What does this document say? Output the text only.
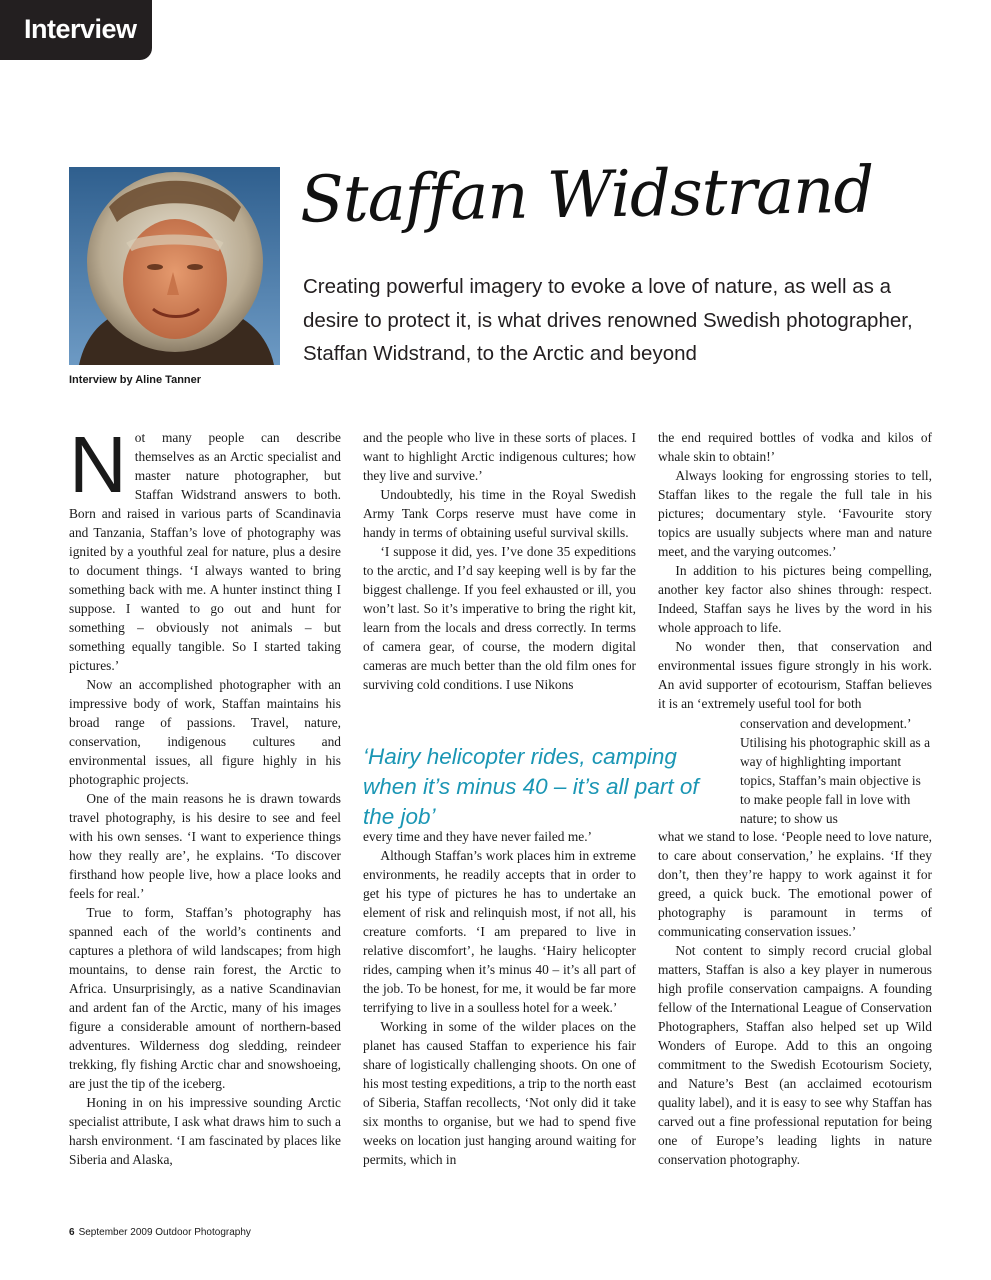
Interview
Interview by Aline Tanner
Staffan Widstrand
Creating powerful imagery to evoke a love of nature, as well as a desire to protect it, is what drives renowned Swedish photographer, Staffan Widstrand, to the Arctic and beyond

Not many people can describe themselves as an Arctic specialist and master nature photographer, but Staffan Widstrand answers to both. Born and raised in various parts of Scandinavia and Tanzania, Staffan’s love of photography was ignited by a youthful zeal for nature, plus a desire to document things. ‘I always wanted to bring something back with me. A hunter instinct thing I suppose. I wanted to go out and hunt for something – obviously not animals – but something equally tangible. So I started taking pictures.’

Now an accomplished photographer with an impressive body of work, Staffan maintains his broad range of passions. Travel, nature, conservation, indigenous cultures and environmental issues, all figure highly in his photographic projects.

One of the main reasons he is drawn towards travel photography, is his desire to see and feel with his own senses. ‘I want to experience things how they really are’, he explains. ‘To discover firsthand how people live, how a place looks and feels for real.’

True to form, Staffan’s photography has spanned each of the world’s continents and captures a plethora of wild landscapes; from high mountains, to dense rain forest, the Arctic to Africa. Unsurprisingly, as a native Scandinavian and ardent fan of the Arctic, many of his images figure a considerable amount of northern-based adventures. Wilderness dog sledding, reindeer trekking, fly fishing Arctic char and snowshoeing, are just the tip of the iceberg.

Honing in on his impressive sounding Arctic specialist attribute, I ask what draws him to such a harsh environment. ‘I am fascinated by places like Siberia and Alaska,

and the people who live in these sorts of places. I want to highlight Arctic indigenous cultures; how they live and survive.’

Undoubtedly, his time in the Royal Swedish Army Tank Corps reserve must have come in handy in terms of obtaining useful survival skills.

‘I suppose it did, yes. I’ve done 35 expeditions to the arctic, and I’d say keeping well is by far the biggest challenge. If you feel exhausted or ill, you won’t last. So it’s imperative to bring the right kit, learn from the locals and dress correctly. In terms of camera gear, of course, the modern digital cameras are much better than the old film ones for surviving cold conditions. I use Nikons

‘Hairy helicopter rides, camping when it’s minus 40 – it’s all part of the job’

every time and they have never failed me.’

Although Staffan’s work places him in extreme environments, he readily accepts that in order to get his type of pictures he has to undertake an element of risk and relinquish most, if not all, his creature comforts. ‘I am prepared to live in relative discomfort’, he laughs. ‘Hairy helicopter rides, camping when it’s minus 40 – it’s all part of the job. To be honest, for me, it would be far more terrifying to live in a soulless hotel for a week.’

Working in some of the wilder places on the planet has caused Staffan to experience his fair share of logistically challenging shoots. On one of his most testing expeditions, a trip to the north east of Siberia, Staffan recollects, ‘Not only did it take six months to organise, but we had to spend five weeks on location just hanging around waiting for permits, which in

the end required bottles of vodka and kilos of whale skin to obtain!’

Always looking for engrossing stories to tell, Staffan likes to the regale the full tale in his pictures; documentary style. ‘Favourite story topics are usually subjects where man and nature meet, and the varying outcomes.’

In addition to his pictures being compelling, another key factor also shines through: respect. Indeed, Staffan says he lives by the word in his whole approach to life.

No wonder then, that conservation and environmental issues figure strongly in his work. An avid supporter of ecotourism, Staffan believes it is an ‘extremely useful tool for both

conservation and development.’ Utilising his photographic skill as a way of highlighting important topics, Staffan’s main objective is to make people fall in love with nature; to show us

what we stand to lose. ‘People need to love nature, to care about conservation,’ he explains. ‘If they don’t, then they’re happy to work against it for greed, a quick buck. The emotional power of photography is paramount in terms of communicating conservation issues.’

Not content to simply record crucial global matters, Staffan is also a key player in numerous high profile conservation campaigns. A founding fellow of the International League of Conservation Photographers, Staffan also helped set up Wild Wonders of Europe. Add to this an ongoing commitment to the Swedish Ecotourism Society, and Nature’s Best (an acclaimed ecotourism quality label), and it is easy to see why Staffan has carved out a fine professional reputation for being one of Europe’s leading lights in nature conservation photography.

6 September 2009 Outdoor Photography
